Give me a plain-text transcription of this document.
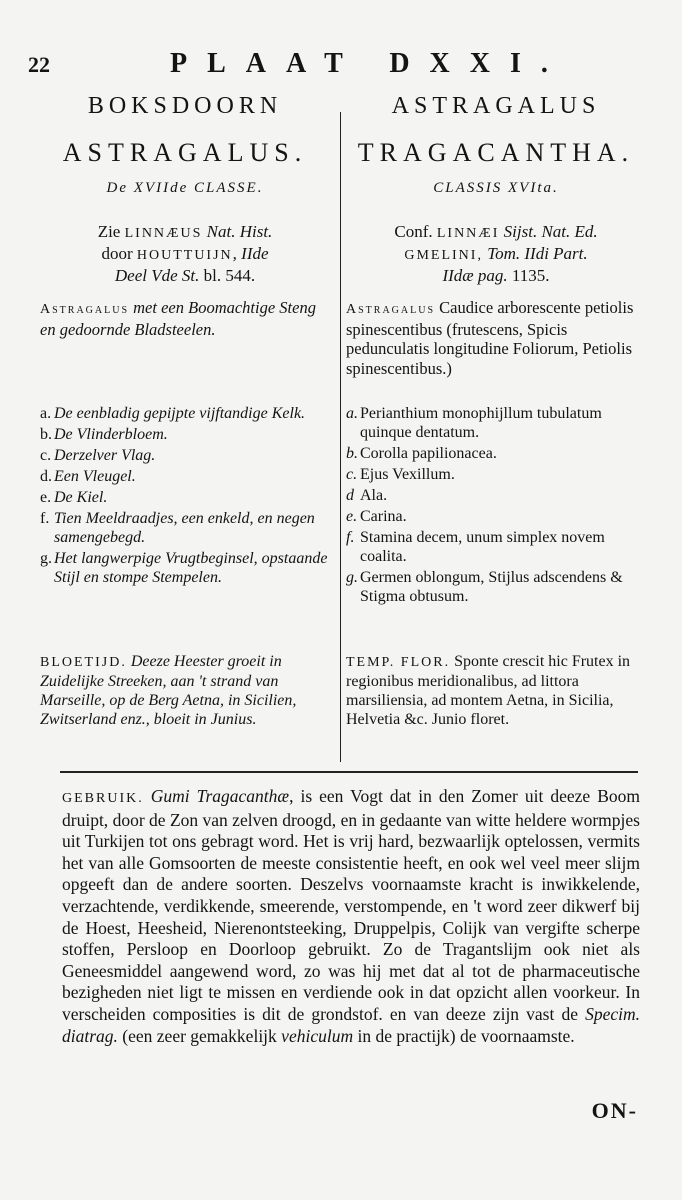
22	PLAAT DXXI.
BOKSDOORN
ASTRAGALUS.
De XVIIde CLASSE.
Zie LINNÆUS Nat. Hist.
door HOUTTUIJN, IIde
Deel Vde St. bl. 544.
Astragalus met een Boomachtige Steng en gedoornde Bladsteelen.
a. De eenbladig gepijpte vijftandige Kelk.
b. De Vlinderbloem.
c. Derzelver Vlag.
d. Een Vleugel.
e. De Kiel.
f. Tien Meeldraadjes, een enkeld, en negen samengebegd.
g. Het langwerpige Vrugtbeginsel, opstaande Stijl en stompe Stempelen.
BLOETIJD. Deeze Heester groeit in Zuidelijke Streeken, aan 't strand van Marseille, op de Berg Aetna, in Sicilien, Zwitserland enz., bloeit in Junius.
ASTRAGALUS
TRAGACANTHA.
CLASSIS XVIta.
Conf. LINNÆI Sijst. Nat. Ed.
GMELINI, Tom. IIdi Part.
IIdæ pag. 1135.
Astragalus Caudice arborescente petiolis spinescentibus (frutescens, Spicis pedunculatis longitudine Foliorum, Petiolis spinescentibus.)
a. Perianthium monophijllum tubulatum quinque dentatum.
b. Corolla papilionacea.
c. Ejus Vexillum.
d Ala.
e. Carina.
f. Stamina decem, unum simplex novem coalita.
g. Germen oblongum, Stijlus adscendens & Stigma obtusum.
TEMP. FLOR. Sponte crescit hic Frutex in regionibus meridionalibus, ad littora marsiliensia, ad montem Aetna, in Sicilia, Helvetia &c. Junio floret.
GEBRUIK. Gumi Tragacanthæ, is een Vogt dat in den Zomer uit deeze Boom druipt, door de Zon van zelven droogd, en in gedaante van witte heldere wormpjes uit Turkijen tot ons gebragt word. Het is vrij hard, bezwaarlijk optelossen, vermits het van alle Gomsoorten de meeste consistentie heeft, en ook wel veel meer slijm opgeeft dan de andere soorten. Deszelvs voornaamste kracht is inwikkelende, verzachtende, verdikkende, smeerende, verstompende, en 't word zeer dikwerf bij de Hoest, Heesheid, Nierenontsteeking, Druppelpis, Colijk van vergifte scherpe stoffen, Persloop en Doorloop gebruikt. Zo de Tragantslijm ook niet als Geneesmiddel aangewend word, zo was hij met dat al tot de pharmaceutische bezigheden niet ligt te missen en verdiende ook in dat opzicht allen voorkeur. In verscheiden composities is dit de grondstof. en van deeze zijn vast de Specim. diatrag. (een zeer gemakkelijk vehiculum in de practijk) de voornaamste.
ON-
